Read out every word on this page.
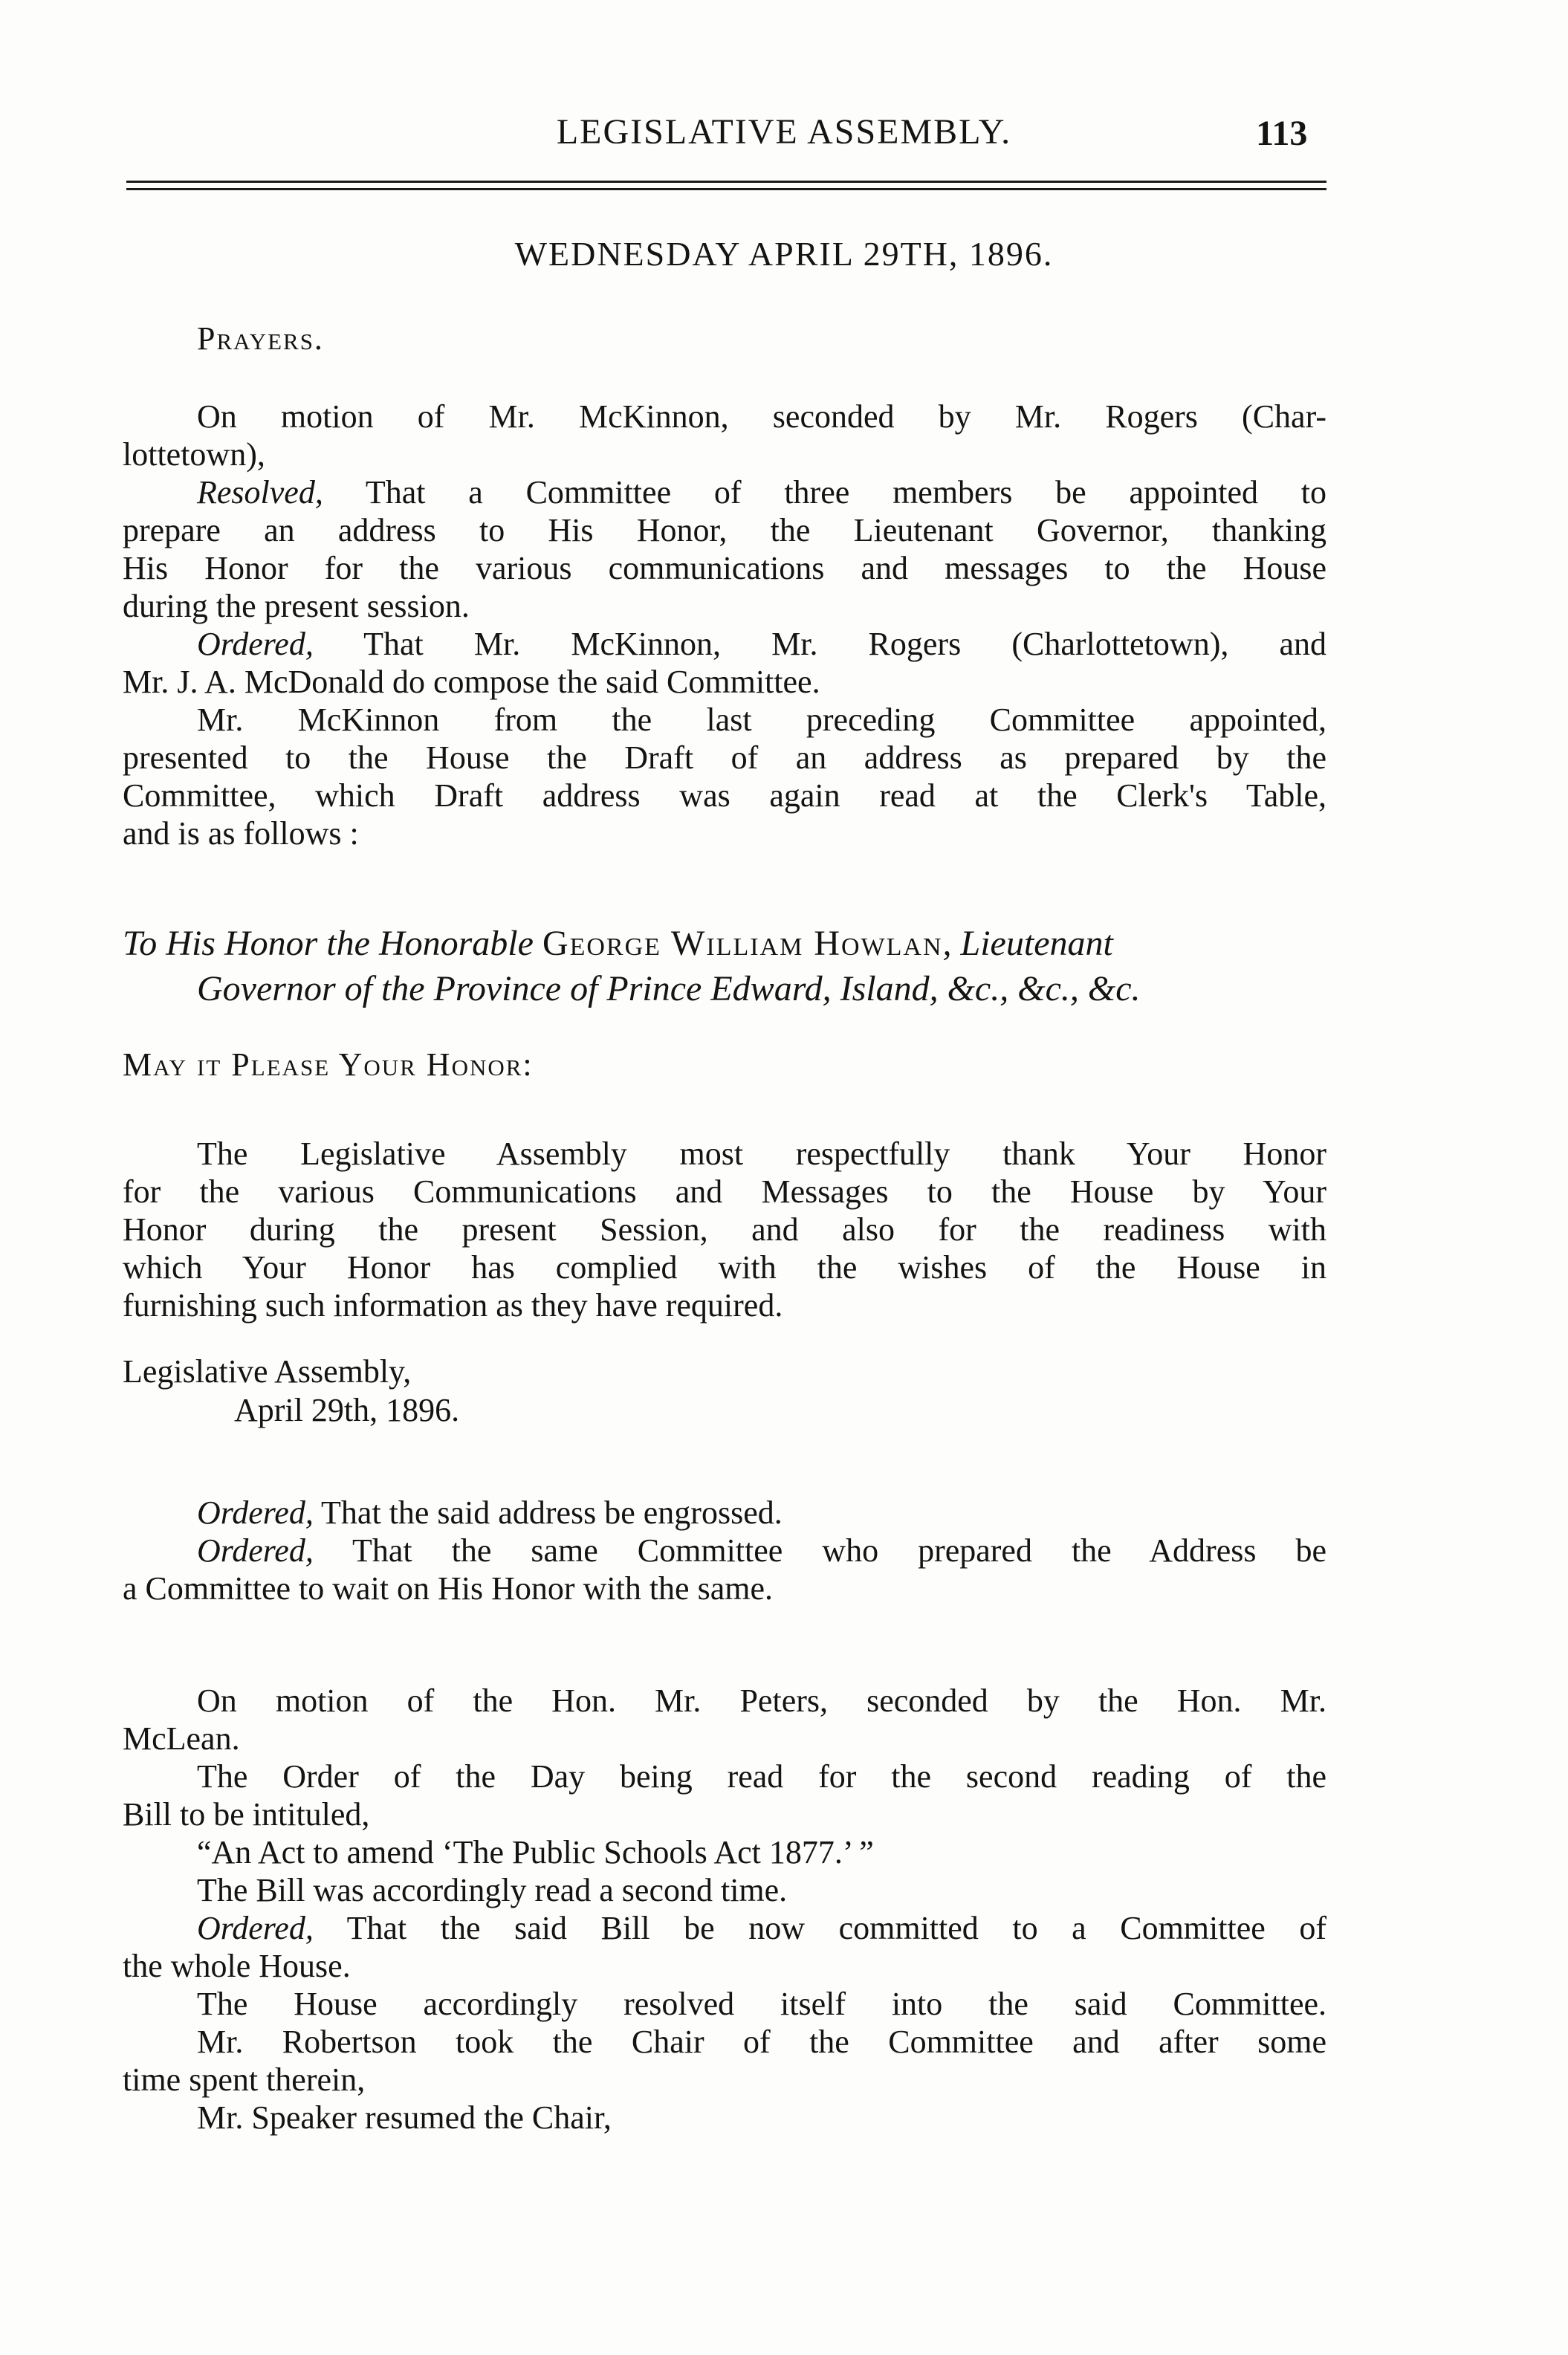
LEGISLATIVE ASSEMBLY.	113
WEDNESDAY APRIL 29TH, 1896.
Prayers.
On motion of Mr. McKinnon, seconded by Mr. Rogers (Char-
lottetown),
Resolved, That a Committee of three members be appointed to
prepare an address to His Honor, the Lieutenant Governor, thanking
His Honor for the various communications and messages to the House
during the present session.
Ordered, That Mr. McKinnon, Mr. Rogers (Charlottetown), and
Mr. J. A. McDonald do compose the said Committee.
Mr. McKinnon from the last preceding Committee appointed,
presented to the House the Draft of an address as prepared by the
Committee, which Draft address was again read at the Clerk's Table,
and is as follows :
To His Honor the Honorable George William Howlan, Lieutenant
Governor of the Province of Prince Edward, Island, &c., &c., &c.
May it Please Your Honor:
The Legislative Assembly most respectfully thank Your Honor
for the various Communications and Messages to the House by Your
Honor during the present Session, and also for the readiness with
which Your Honor has complied with the wishes of the House in
furnishing such information as they have required.
Legislative Assembly,
April 29th, 1896.
Ordered, That the said address be engrossed.
Ordered, That the same Committee who prepared the Address be
a Committee to wait on His Honor with the same.
On motion of the Hon. Mr. Peters, seconded by the Hon. Mr.
McLean.
The Order of the Day being read for the second reading of the
Bill to be intituled,
“An Act to amend ‘The Public Schools Act 1877.’ ”
The Bill was accordingly read a second time.
Ordered, That the said Bill be now committed to a Committee of
the whole House.
The House accordingly resolved itself into the said Committee.
Mr. Robertson took the Chair of the Committee and after some
time spent therein,
Mr. Speaker resumed the Chair,
